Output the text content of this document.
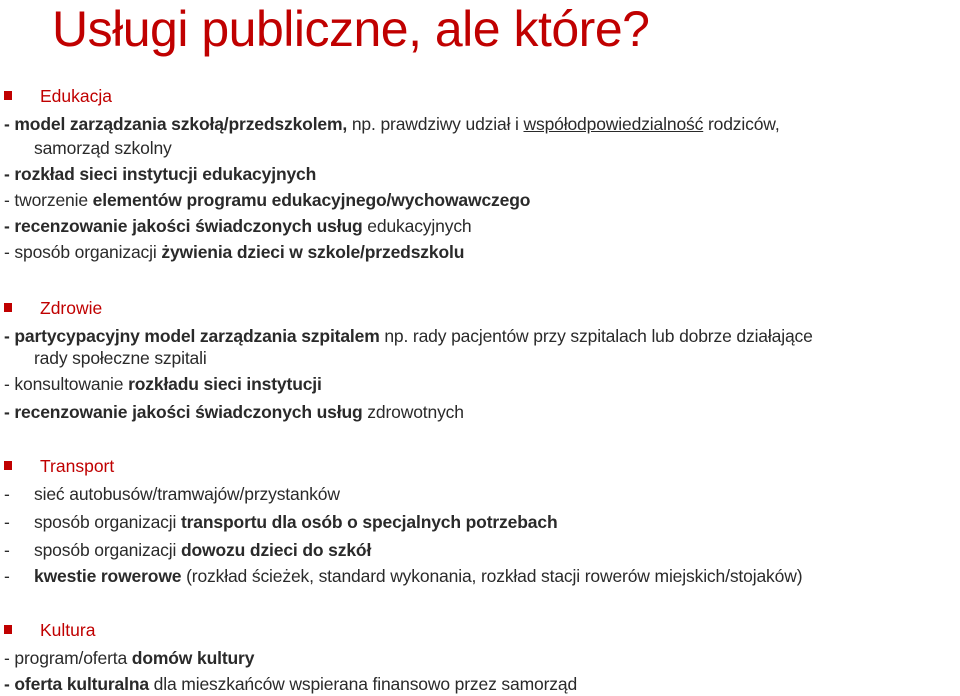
Usługi publiczne, ale które?
Edukacja
- model zarządzania szkołą/przedszkolem, np. prawdziwy udział i współodpowiedzialność rodziców,
samorząd szkolny
- rozkład sieci instytucji edukacyjnych
- tworzenie elementów programu edukacyjnego/wychowawczego
- recenzowanie jakości świadczonych usług edukacyjnych
- sposób organizacji żywienia dzieci w szkole/przedszkolu
Zdrowie
- partycypacyjny model zarządzania szpitalem np. rady pacjentów przy szpitalach lub dobrze działające
rady społeczne szpitali
- konsultowanie rozkładu sieci instytucji
- recenzowanie jakości świadczonych usług zdrowotnych
Transport
- sieć autobusów/tramwajów/przystanków
- sposób organizacji transportu dla osób o specjalnych potrzebach
- sposób organizacji dowozu dzieci do szkół
- kwestie rowerowe (rozkład ścieżek, standard wykonania, rozkład stacji rowerów miejskich/stojaków)
Kultura
- program/oferta domów kultury
- oferta kulturalna dla mieszkańców wspierana finansowo przez samorząd
